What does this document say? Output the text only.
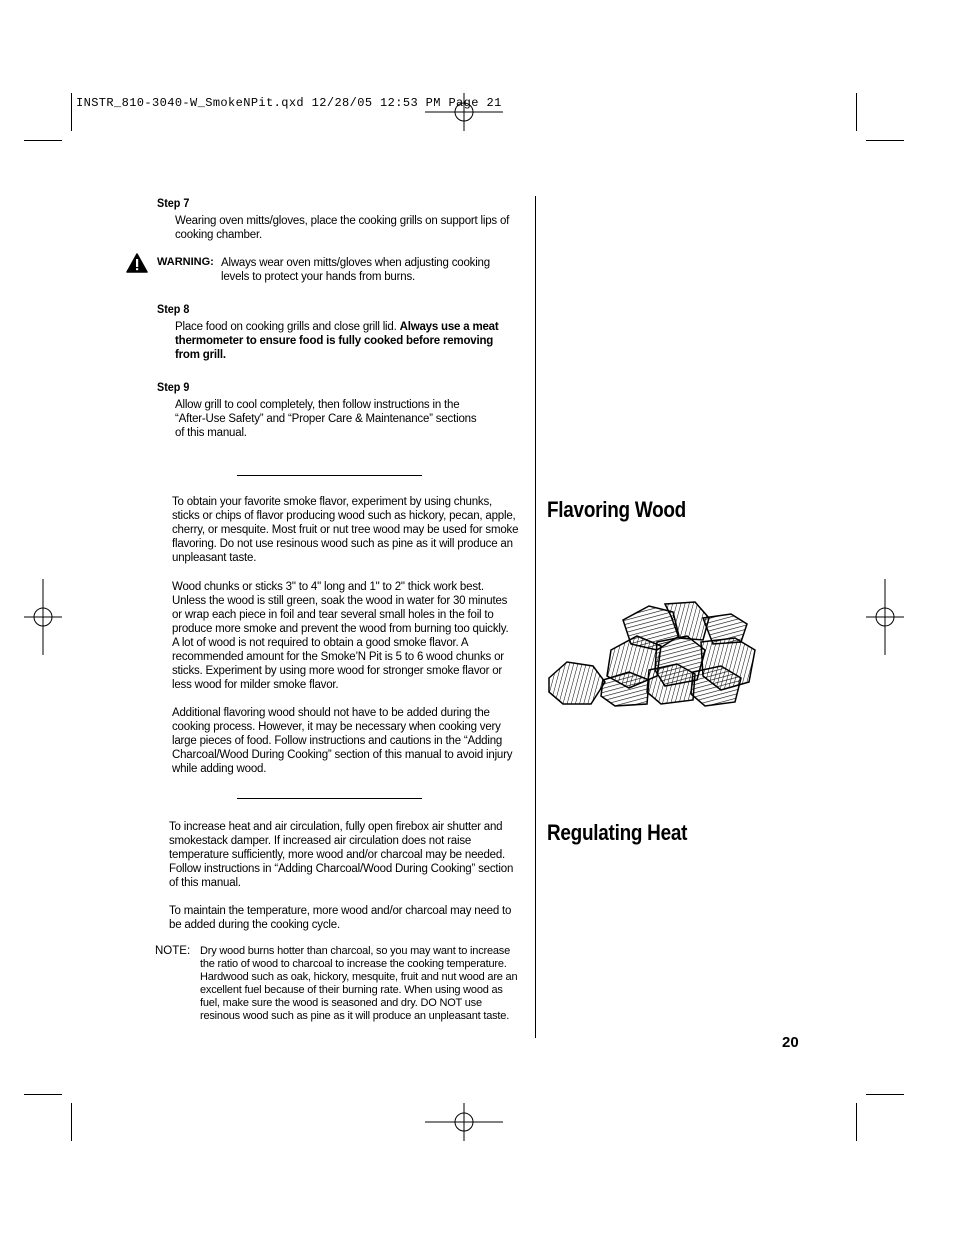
INSTR_810-3040-W_SmokeNPit.qxd 12/28/05 12:53 PM Page 21
Step 7
Wearing oven mitts/gloves, place the cooking grills on support lips of cooking chamber.
WARNING: Always wear oven mitts/gloves when adjusting cooking levels to protect your hands from burns.
Step 8
Place food on cooking grills and close grill lid. Always use a meat thermometer to ensure food is fully cooked before removing from grill.
Step 9
Allow grill to cool completely, then follow instructions in the “After-Use Safety” and “Proper Care & Maintenance” sections of this manual.
To obtain your favorite smoke flavor, experiment by using chunks, sticks or chips of flavor producing wood such as hickory, pecan, apple, cherry, or mesquite. Most fruit or nut tree wood may be used for smoke flavoring. Do not use resinous wood such as pine as it will produce an unpleasant taste.
Wood chunks or sticks 3" to 4" long and 1" to 2" thick work best. Unless the wood is still green, soak the wood in water for 30 minutes or wrap each piece in foil and tear several small holes in the foil to produce more smoke and prevent the wood from burning too quickly. A lot of wood is not required to obtain a good smoke flavor. A recommended amount for the Smoke’N Pit is 5 to 6 wood chunks or sticks. Experiment by using more wood for stronger smoke flavor or less wood for milder smoke flavor.
Additional flavoring wood should not have to be added during the cooking process. However, it may be necessary when cooking very large pieces of food. Follow instructions and cautions in the “Adding Charcoal/Wood During Cooking” section of this manual to avoid injury while adding wood.
Flavoring Wood
To increase heat and air circulation, fully open firebox air shutter and smokestack damper. If increased air circulation does not raise temperature sufficiently, more wood and/or charcoal may be needed. Follow instructions in “Adding Charcoal/Wood During Cooking” section of this manual.
To maintain the temperature, more wood and/or charcoal may need to be added during the cooking cycle.
NOTE: Dry wood burns hotter than charcoal, so you may want to increase the ratio of wood to charcoal to increase the cooking temperature. Hardwood such as oak, hickory, mesquite, fruit and nut wood are an excellent fuel because of their burning rate. When using wood as fuel, make sure the wood is seasoned and dry. DO NOT use resinous wood such as pine as it will produce an unpleasant taste.
Regulating Heat
20
